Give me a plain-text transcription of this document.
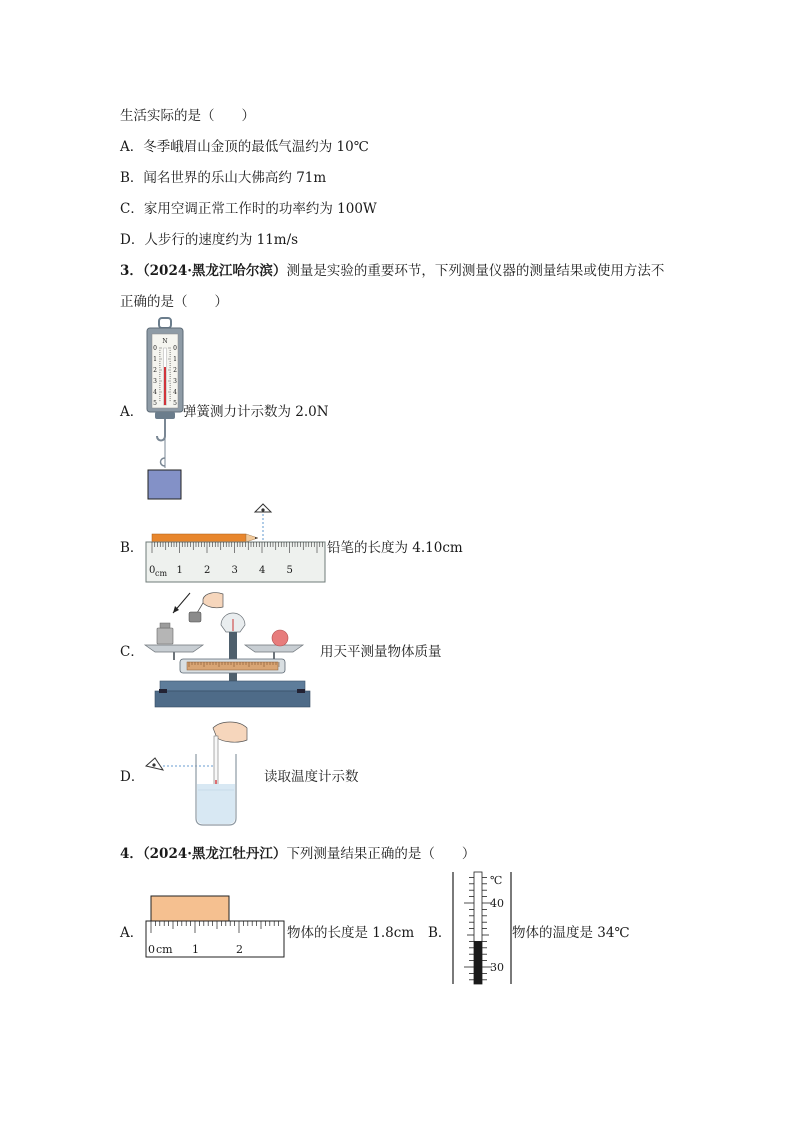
生活实际的是（　　）
A．冬季峨眉山金顶的最低气温约为 10℃
B．闻名世界的乐山大佛高约 71m
C．家用空调正常工作时的功率约为 100W
D．人步行的速度约为 11m/s
3．（2024·黑龙江哈尔滨）测量是实验的重要环节，下列测量仪器的测量结果或使用方法不
正确的是（　　）
A．
N
0	0
1	1
2	2
3	3
4	4
5	5
弹簧测力计示数为 2.0N
B．
0 1 2 3 4 5
cm
铅笔的长度为 4.10cm
C．	用天平测量物体质量
D．	读取温度计示数
4．（2024·黑龙江牡丹江）下列测量结果正确的是（　　）
A．
0	1	2
cm
物体的长度是 1.8cm B．
℃
40
30
物体的温度是 34℃
